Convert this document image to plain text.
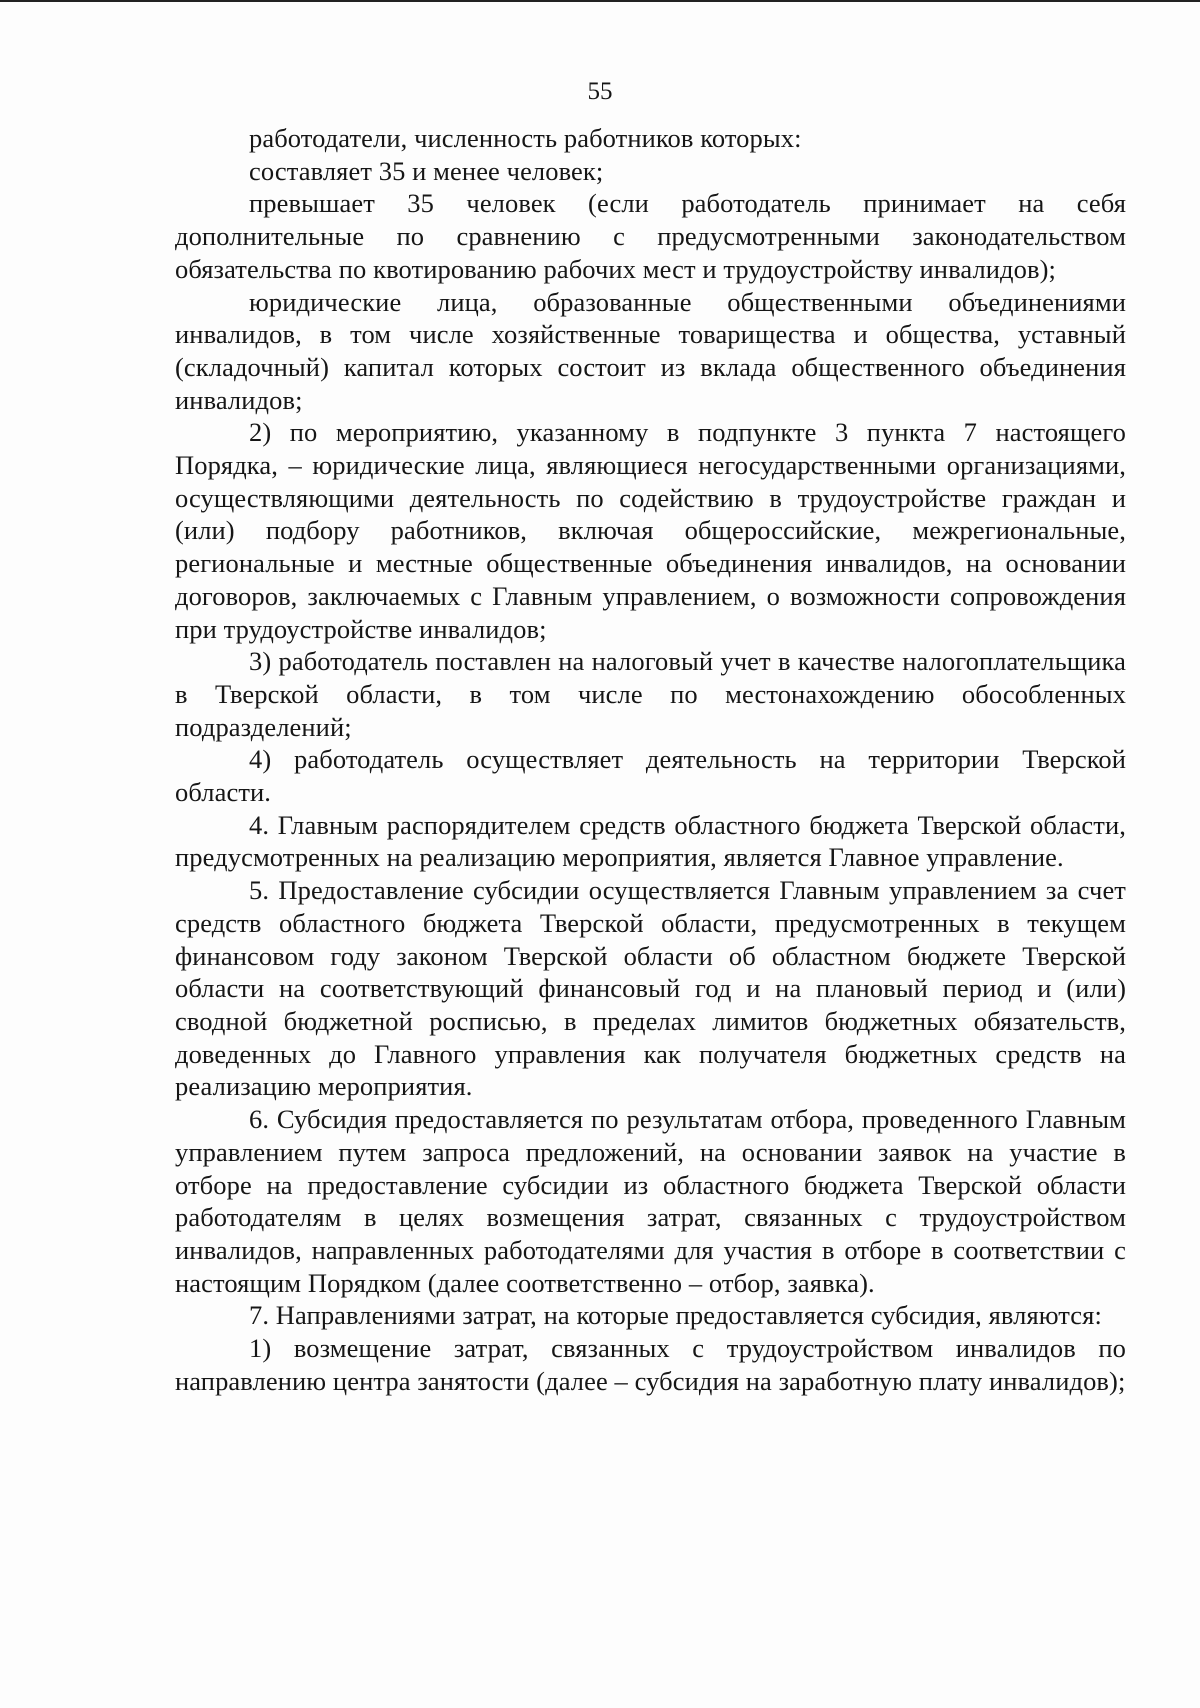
55

работодатели, численность работников которых:

составляет 35 и менее человек;

превышает 35 человек (если работодатель принимает на себя дополнительные по сравнению с предусмотренными законодательством обязательства по квотированию рабочих мест и трудоустройству инвалидов);

юридические лица, образованные общественными объединениями инвалидов, в том числе хозяйственные товарищества и общества, уставный (складочный) капитал которых состоит из вклада общественного объединения инвалидов;

2) по мероприятию, указанному в подпункте 3 пункта 7 настоящего Порядка, – юридические лица, являющиеся негосударственными организациями, осуществляющими деятельность по содействию в трудоустройстве граждан и (или) подбору работников, включая общероссийские, межрегиональные, региональные и местные общественные объединения инвалидов, на основании договоров, заключаемых с Главным управлением, о возможности сопровождения при трудоустройстве инвалидов;

3) работодатель поставлен на налоговый учет в качестве налогоплательщика в Тверской области, в том числе по местонахождению обособленных подразделений;

4) работодатель осуществляет деятельность на территории Тверской области.

4. Главным распорядителем средств областного бюджета Тверской области, предусмотренных на реализацию мероприятия, является Главное управление.

5. Предоставление субсидии осуществляется Главным управлением за счет средств областного бюджета Тверской области, предусмотренных в текущем финансовом году законом Тверской области об областном бюджете Тверской области на соответствующий финансовый год и на плановый период и (или) сводной бюджетной росписью, в пределах лимитов бюджетных обязательств, доведенных до Главного управления как получателя бюджетных средств на реализацию мероприятия.

6. Субсидия предоставляется по результатам отбора, проведенного Главным управлением путем запроса предложений, на основании заявок на участие в отборе на предоставление субсидии из областного бюджета Тверской области работодателям в целях возмещения затрат, связанных с трудоустройством инвалидов, направленных работодателями для участия в отборе в соответствии с настоящим Порядком (далее соответственно – отбор, заявка).

7. Направлениями затрат, на которые предоставляется субсидия, являются:

1) возмещение затрат, связанных с трудоустройством инвалидов по направлению центра занятости (далее – субсидия на заработную плату инвалидов);
